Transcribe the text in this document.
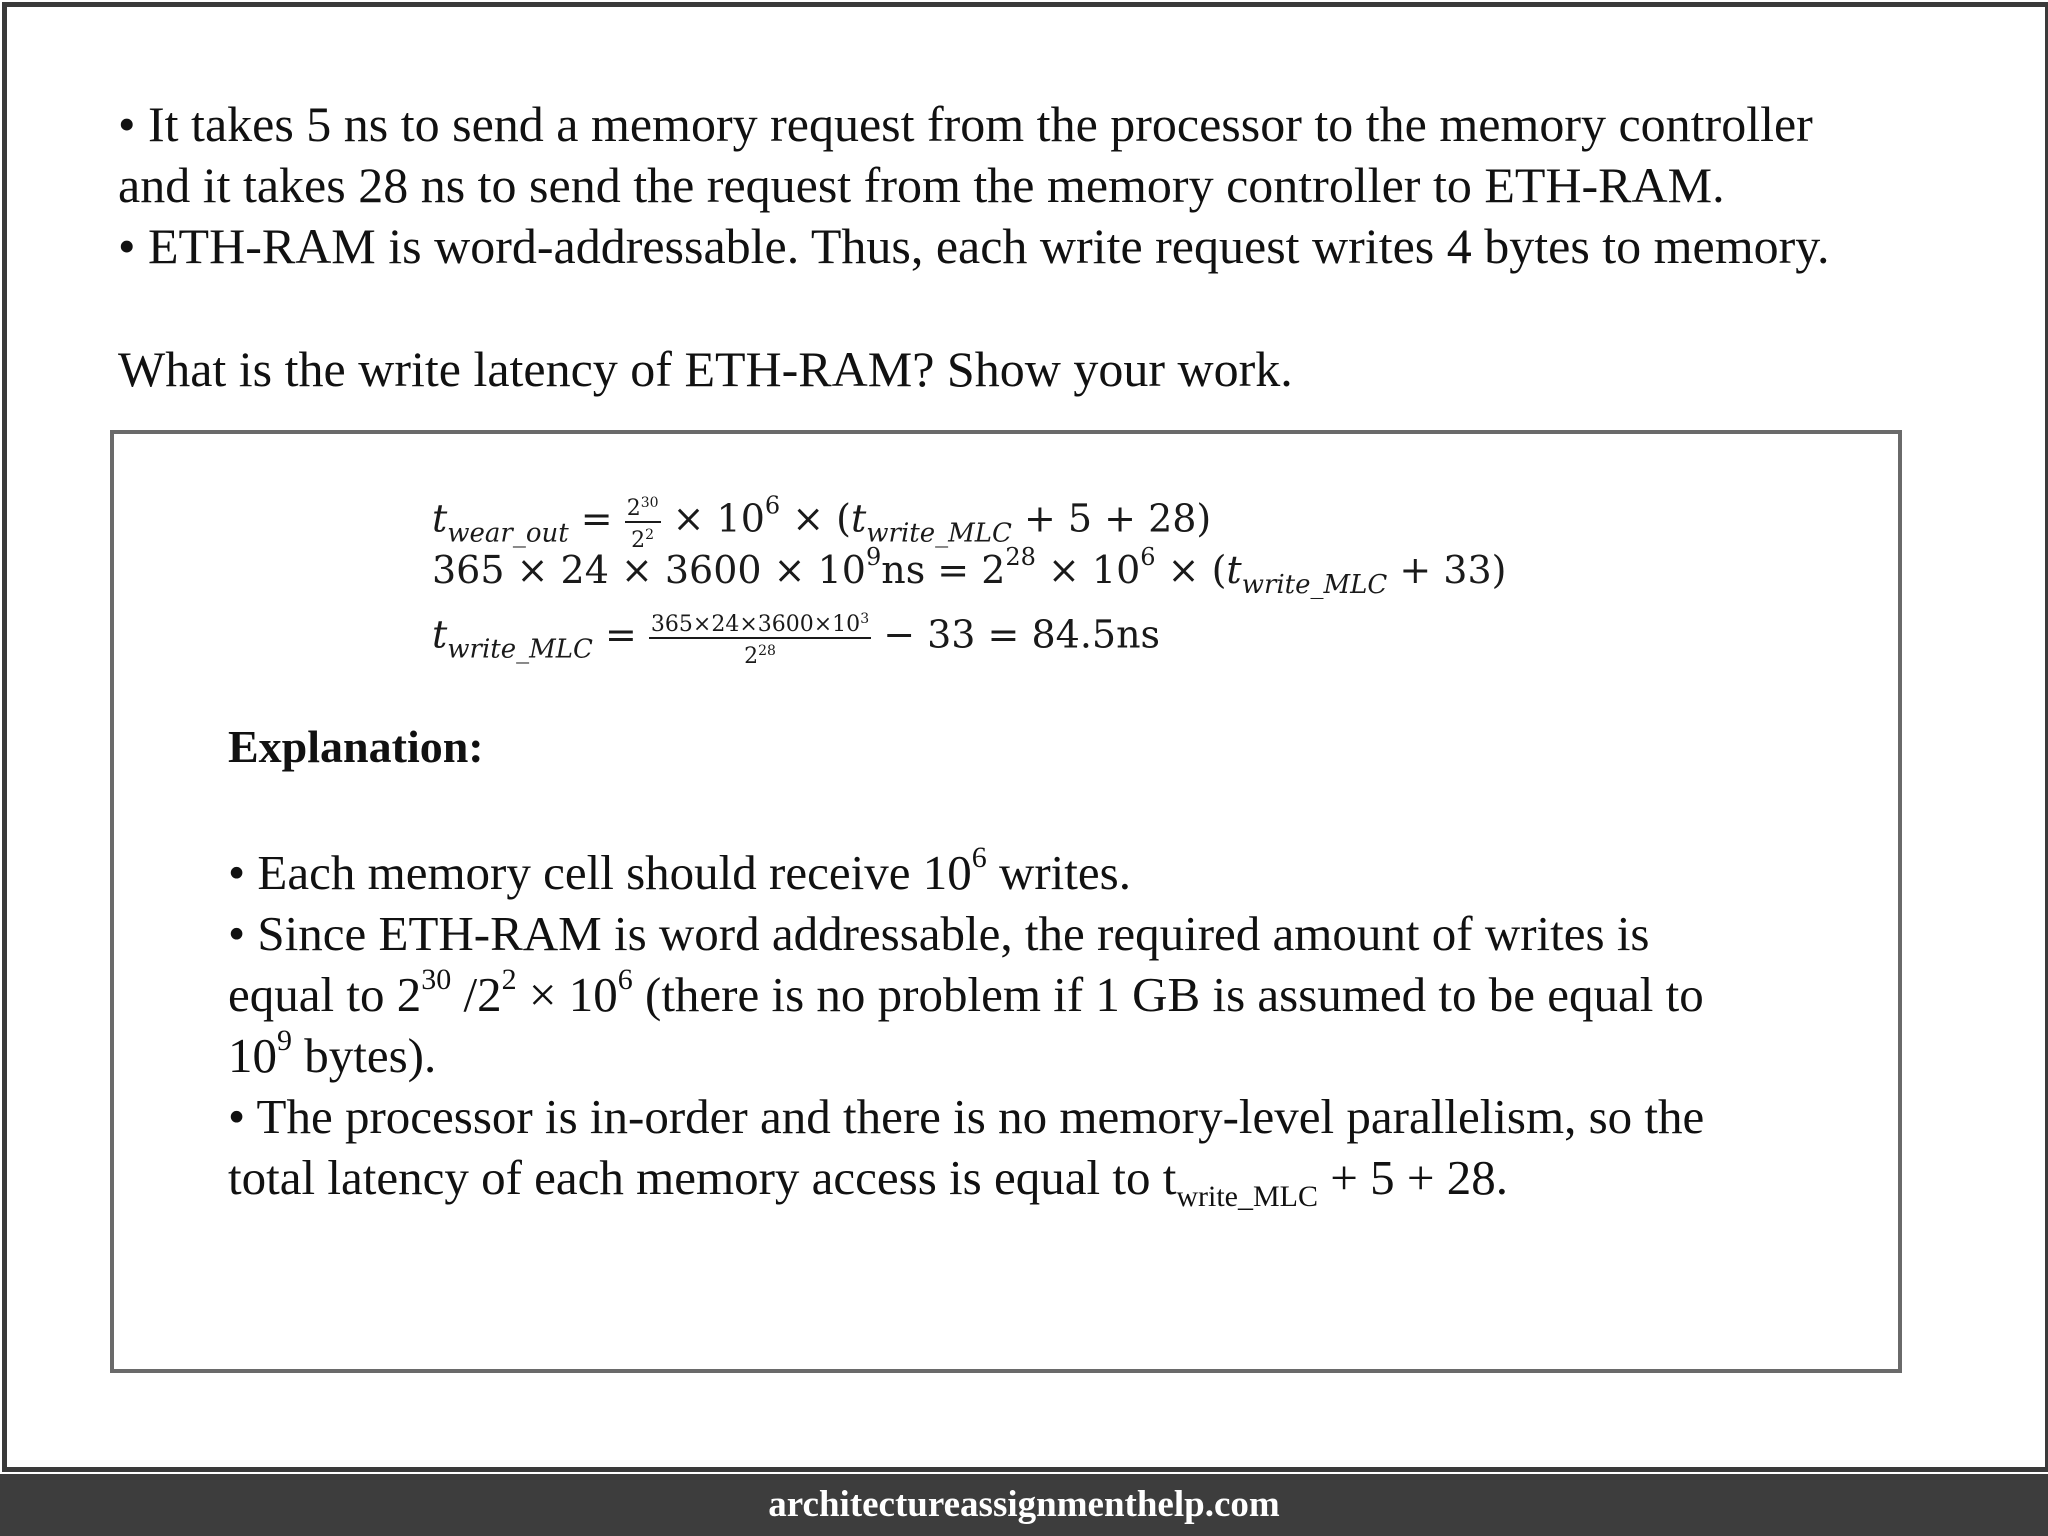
• It takes 5 ns to send a memory request from the processor to the memory controller

and it takes 28 ns to send the request from the memory controller to ETH-RAM.

• ETH-RAM is word-addressable. Thus, each write request writes 4 bytes to memory.

What is the write latency of ETH-RAM? Show your work.
$t_{wear\_out} = \frac{2^{30}}{2^2} \times 10^6 \times (t_{write\_MLC} + 5 + 28)$
$365 \times 24 \times 3600 \times 10^9ns = 2^{28} \times 10^6 \times (t_{write\_MLC} + 33)$
$t_{write\_MLC} = \frac{365\times 24\times 3600\times 10^3}{2^{28}} - 33 = 84.5ns$
Explanation:

• Each memory cell should receive $10^6$ writes.

• Since ETH-RAM is word addressable, the required amount of writes is

equal to $2^{30}$ $/2^2 \times 10^6$ (there is no problem if 1 GB is assumed to be equal to

$10^9$ bytes).

• The processor is in-order and there is no memory-level parallelism, so the

total latency of each memory access is equal to $t_{write\_MLC} + 5 + 28$.

architectureassignmenthelp.com
